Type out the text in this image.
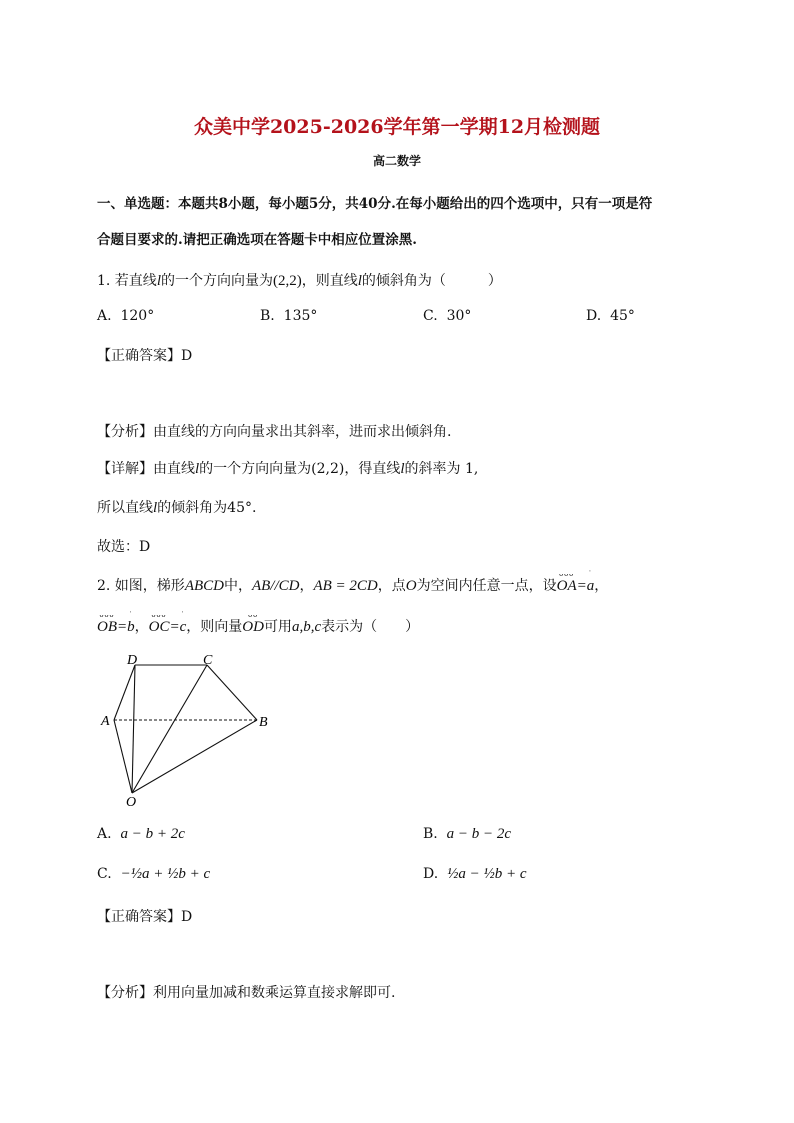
众美中学2025-2026学年第一学期12月检测题
高二数学
一、单选题：本题共8小题，每小题5分，共40分.在每小题给出的四个选项中，只有一项是符
合题目要求的.请把正确选项在答题卡中相应位置涂黑.
1. 若直线l的一个方向向量为(2,2)，则直线l的倾斜角为（　　　）
A. 120°	B. 135°	C. 30°	D. 45°
【正确答案】D
【分析】由直线的方向向量求出其斜率，进而求出倾斜角.
【详解】由直线l的一个方向向量为(2,2)，得直线l的斜率为 1,
所以直线l的倾斜角为45°.
故选：D
2. 如图，梯形ABCD中，AB//CD，AB = 2CD，点O为空间内任意一点，设
ᴗᴗᴗ
OA=
ˈ
a，
ᴗᴗᴗ
OB=
ˈ
b，
ᴗᴗᴗ
OC=
ˈ
c，则向量
ᴗᴗ
OD可用a,b,c表示为（　　）
D	C
A	B
O
A. a − b + 2c	B. a − b − 2c
C. −½a + ½b + c	D. ½a − ½b + c
【正确答案】D
【分析】利用向量加减和数乘运算直接求解即可.
